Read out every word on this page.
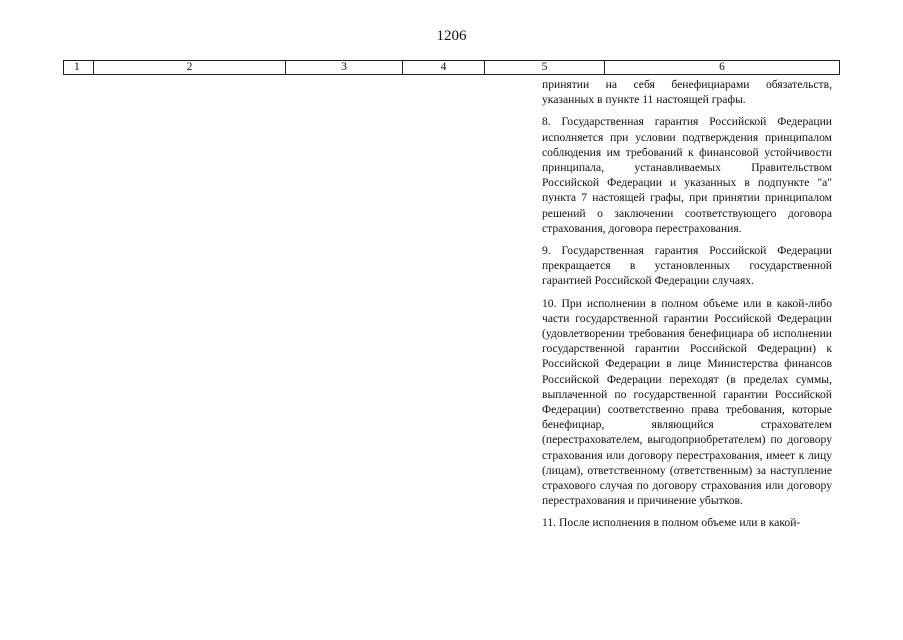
1206
1	2	3	4	5	6

принятии на себя бенефициарами обязательств, указанных в пункте 11 настоящей графы.

8. Государственная гарантия Российской Федерации исполняется при условии подтверждения принципалом соблюдения им требований к финансовой устойчивости принципала, устанавливаемых Правительством Российской Федерации и указанных в подпункте "а" пункта 7 настоящей графы, при принятии принципалом решений о заключении соответствующего договора страхования, договора перестрахования.

9. Государственная гарантия Российской Федерации прекращается в установленных государственной гарантией Российской Федерации случаях.

10. При исполнении в полном объеме или в какой-либо части государственной гарантии Российской Федерации (удовлетворении требования бенефициара об исполнении государственной гарантии Российской Федерации) к Российской Федерации в лице Министерства финансов Российской Федерации переходят (в пределах суммы, выплаченной по государственной гарантии Российской Федерации) соответственно права требования, которые бенефициар, являющийся страхователем (перестрахователем, выгодоприобретателем) по договору страхования или договору перестрахования, имеет к лицу (лицам), ответственному (ответственным) за наступление страхового случая по договору страхования или договору перестрахования и причинение убытков.

11. После исполнения в полном объеме или в какой-
